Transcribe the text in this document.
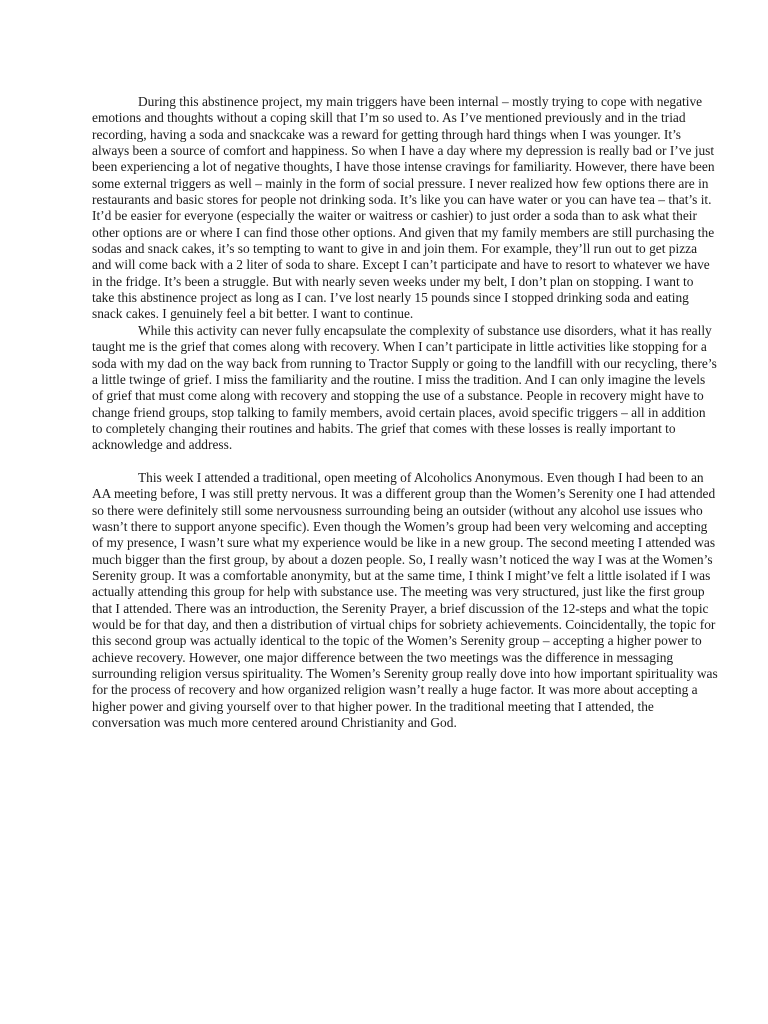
During this abstinence project, my main triggers have been internal – mostly trying to cope with negative emotions and thoughts without a coping skill that I’m so used to. As I’ve mentioned previously and in the triad recording, having a soda and snackcake was a reward for getting through hard things when I was younger. It’s always been a source of comfort and happiness. So when I have a day where my depression is really bad or I’ve just been experiencing a lot of negative thoughts, I have those intense cravings for familiarity. However, there have been some external triggers as well – mainly in the form of social pressure. I never realized how few options there are in restaurants and basic stores for people not drinking soda. It’s like you can have water or you can have tea – that’s it. It’d be easier for everyone (especially the waiter or waitress or cashier) to just order a soda than to ask what their other options are or where I can find those other options. And given that my family members are still purchasing the sodas and snack cakes, it’s so tempting to want to give in and join them. For example, they’ll run out to get pizza and will come back with a 2 liter of soda to share. Except I can’t participate and have to resort to whatever we have in the fridge. It’s been a struggle. But with nearly seven weeks under my belt, I don’t plan on stopping. I want to take this abstinence project as long as I can. I’ve lost nearly 15 pounds since I stopped drinking soda and eating snack cakes. I genuinely feel a bit better. I want to continue.

While this activity can never fully encapsulate the complexity of substance use disorders, what it has really taught me is the grief that comes along with recovery. When I can’t participate in little activities like stopping for a soda with my dad on the way back from running to Tractor Supply or going to the landfill with our recycling, there’s a little twinge of grief. I miss the familiarity and the routine. I miss the tradition. And I can only imagine the levels of grief that must come along with recovery and stopping the use of a substance. People in recovery might have to change friend groups, stop talking to family members, avoid certain places, avoid specific triggers – all in addition to completely changing their routines and habits. The grief that comes with these losses is really important to acknowledge and address.

This week I attended a traditional, open meeting of Alcoholics Anonymous. Even though I had been to an AA meeting before, I was still pretty nervous. It was a different group than the Women’s Serenity one I had attended so there were definitely still some nervousness surrounding being an outsider (without any alcohol use issues who wasn’t there to support anyone specific). Even though the Women’s group had been very welcoming and accepting of my presence, I wasn’t sure what my experience would be like in a new group. The second meeting I attended was much bigger than the first group, by about a dozen people. So, I really wasn’t noticed the way I was at the Women’s Serenity group. It was a comfortable anonymity, but at the same time, I think I might’ve felt a little isolated if I was actually attending this group for help with substance use. The meeting was very structured, just like the first group that I attended. There was an introduction, the Serenity Prayer, a brief discussion of the 12-steps and what the topic would be for that day, and then a distribution of virtual chips for sobriety achievements. Coincidentally, the topic for this second group was actually identical to the topic of the Women’s Serenity group – accepting a higher power to achieve recovery. However, one major difference between the two meetings was the difference in messaging surrounding religion versus spirituality. The Women’s Serenity group really dove into how important spirituality was for the process of recovery and how organized religion wasn’t really a huge factor. It was more about accepting a higher power and giving yourself over to that higher power. In the traditional meeting that I attended, the conversation was much more centered around Christianity and God.
